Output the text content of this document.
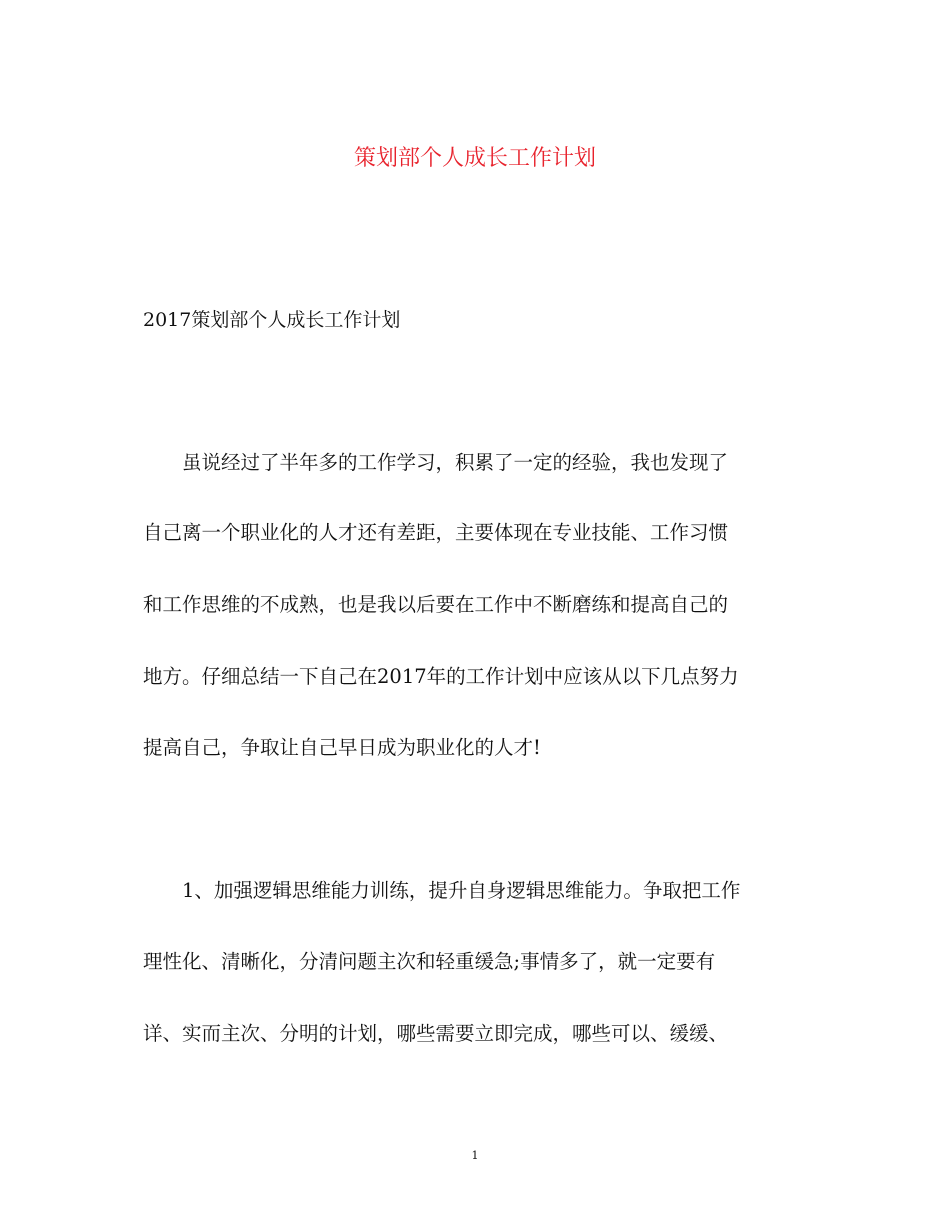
策划部个人成长工作计划
2017策划部个人成长工作计划
虽说经过了半年多的工作学习，积累了一定的经验，我也发现了
自己离一个职业化的人才还有差距，主要体现在专业技能、工作习惯
和工作思维的不成熟，也是我以后要在工作中不断磨练和提高自己的
地方。仔细总结一下自己在2017年的工作计划中应该从以下几点努力
提高自己，争取让自己早日成为职业化的人才!
1、加强逻辑思维能力训练，提升自身逻辑思维能力。争取把工作
理性化、清晰化，分清问题主次和轻重缓急;事情多了，就一定要有
详、实而主次、分明的计划，哪些需要立即完成，哪些可以、缓缓、
1
